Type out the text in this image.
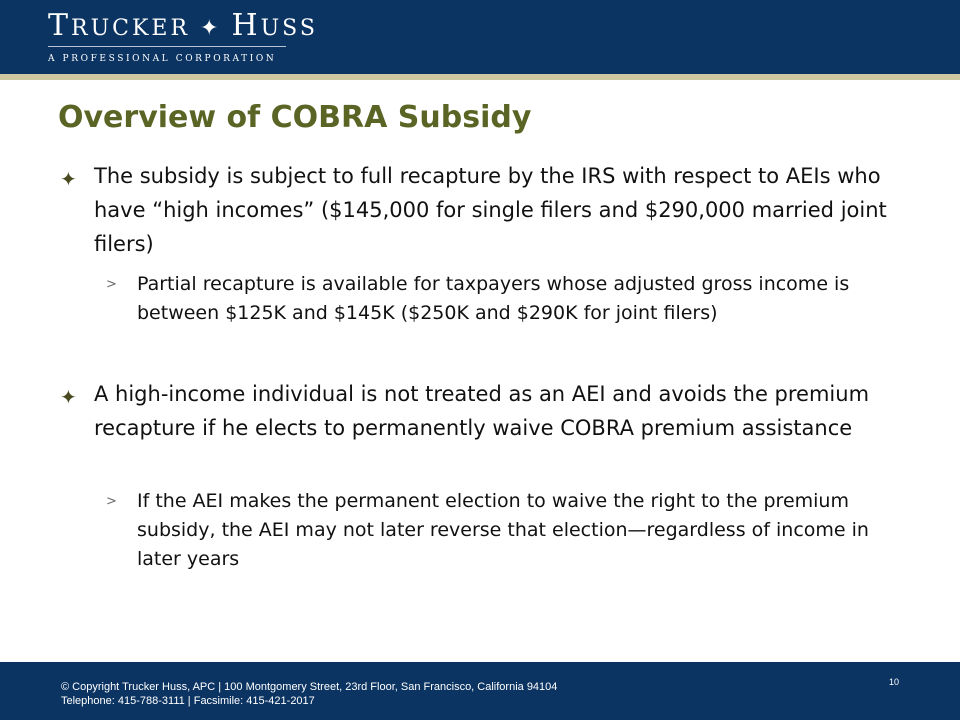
TRUCKER ✦ HUSS
A PROFESSIONAL CORPORATION
Overview of COBRA Subsidy
✦ The subsidy is subject to full recapture by the IRS with respect to AEIs who have “high incomes” ($145,000 for single filers and $290,000 married joint filers)
> Partial recapture is available for taxpayers whose adjusted gross income is between $125K and $145K ($250K and $290K for joint filers)
✦ A high-income individual is not treated as an AEI and avoids the premium recapture if he elects to permanently waive COBRA premium assistance
> If the AEI makes the permanent election to waive the right to the premium subsidy, the AEI may not later reverse that election—regardless of income in later years
© Copyright Trucker Huss, APC | 100 Montgomery Street, 23rd Floor, San Francisco, California 94104
Telephone: 415-788-3111 | Facsimile: 415-421-2017
10
